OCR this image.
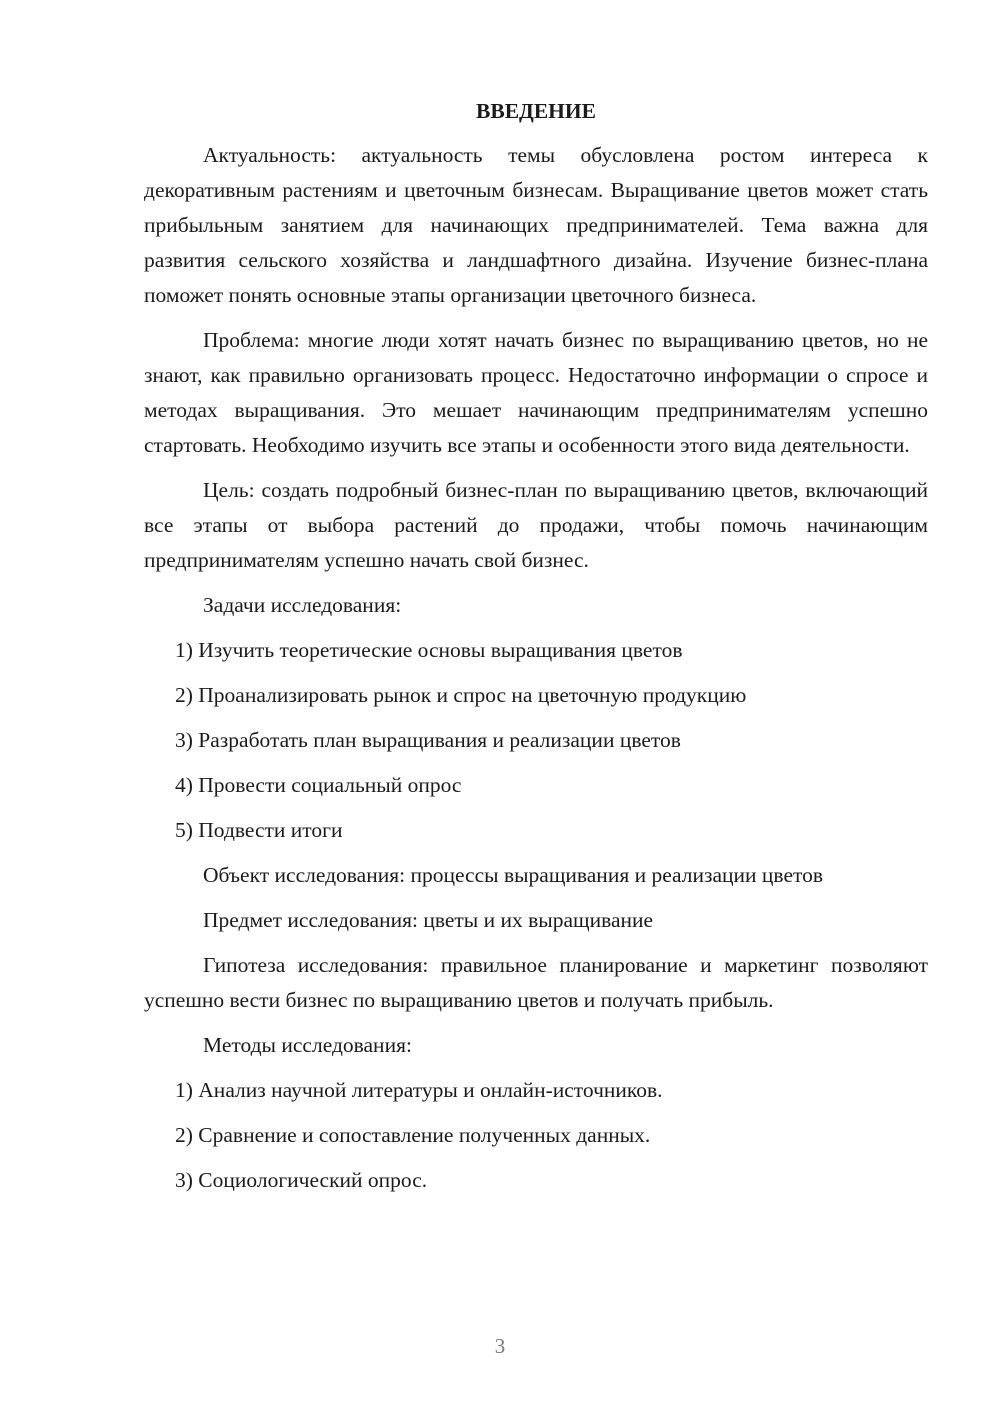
ВВЕДЕНИЕ

Актуальность: актуальность темы обусловлена ростом интереса к декоративным растениям и цветочным бизнесам. Выращивание цветов может стать прибыльным занятием для начинающих предпринимателей. Тема важна для развития сельского хозяйства и ландшафтного дизайна. Изучение бизнес-плана поможет понять основные этапы организации цветочного бизнеса.

Проблема: многие люди хотят начать бизнес по выращиванию цветов, но не знают, как правильно организовать процесс. Недостаточно информации о спросе и методах выращивания. Это мешает начинающим предпринимателям успешно стартовать. Необходимо изучить все этапы и особенности этого вида деятельности.

Цель: создать подробный бизнес-план по выращиванию цветов, включающий все этапы от выбора растений до продажи, чтобы помочь начинающим предпринимателям успешно начать свой бизнес.

Задачи исследования:
1) Изучить теоретические основы выращивания цветов
2) Проанализировать рынок и спрос на цветочную продукцию
3) Разработать план выращивания и реализации цветов
4) Провести социальный опрос
5) Подвести итоги
Объект исследования: процессы выращивания и реализации цветов
Предмет исследования: цветы и их выращивание

Гипотеза исследования: правильное планирование и маркетинг позволяют успешно вести бизнес по выращиванию цветов и получать прибыль.

Методы исследования:
1) Анализ научной литературы и онлайн-источников.
2) Сравнение и сопоставление полученных данных.
3) Социологический опрос.
3
